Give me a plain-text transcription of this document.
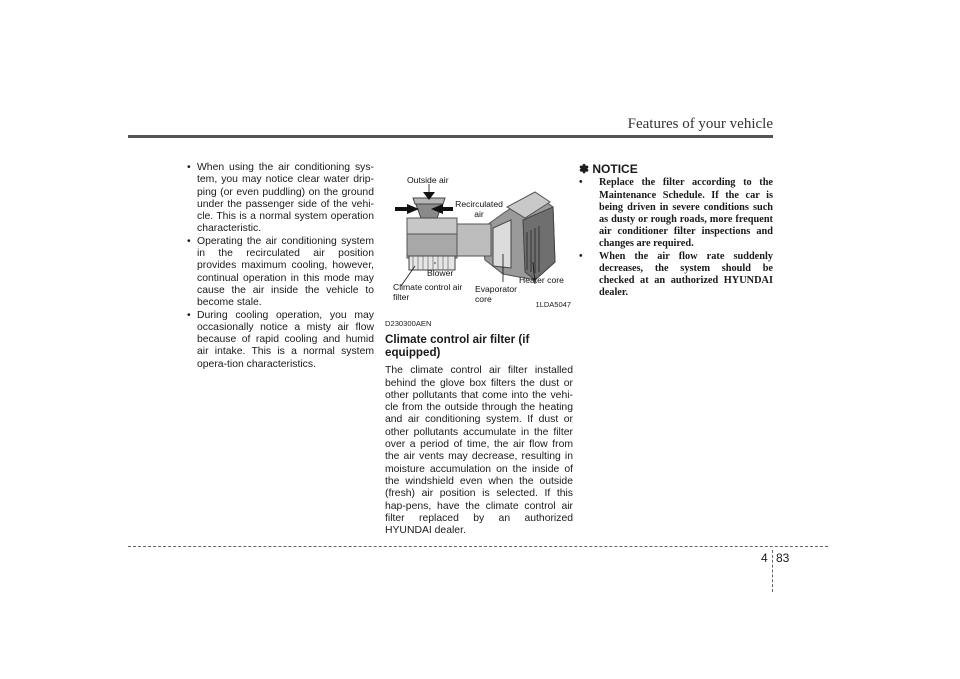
Features of your vehicle
• When using the air conditioning sys-tem, you may notice clear water drip-ping (or even puddling) on the ground under the passenger side of the vehi-cle. This is a normal system operation characteristic.
• Operating the air conditioning system in the recirculated air position provides maximum cooling, however, continual operation in this mode may cause the air inside the vehicle to become stale.
• During cooling operation, you may occasionally notice a misty air flow because of rapid cooling and humid air intake. This is a normal system opera-tion characteristics.
Outside air
Recirculated air
Blower
Climate control air filter
Evaporator core
Heater core
1LDA5047
D230300AEN
Climate control air filter (if equipped)
The climate control air filter installed behind the glove box filters the dust or other pollutants that come into the vehi-cle from the outside through the heating and air conditioning system. If dust or other pollutants accumulate in the filter over a period of time, the air flow from the air vents may decrease, resulting in moisture accumulation on the inside of the windshield even when the outside (fresh) air position is selected. If this hap-pens, have the climate control air filter replaced by an authorized HYUNDAI dealer.
✽ NOTICE
• Replace the filter according to the Maintenance Schedule. If the car is being driven in severe conditions such as dusty or rough roads, more frequent air conditioner filter inspections and changes are required.
• When the air flow rate suddenly decreases, the system should be checked at an authorized HYUNDAI dealer.
4 83
